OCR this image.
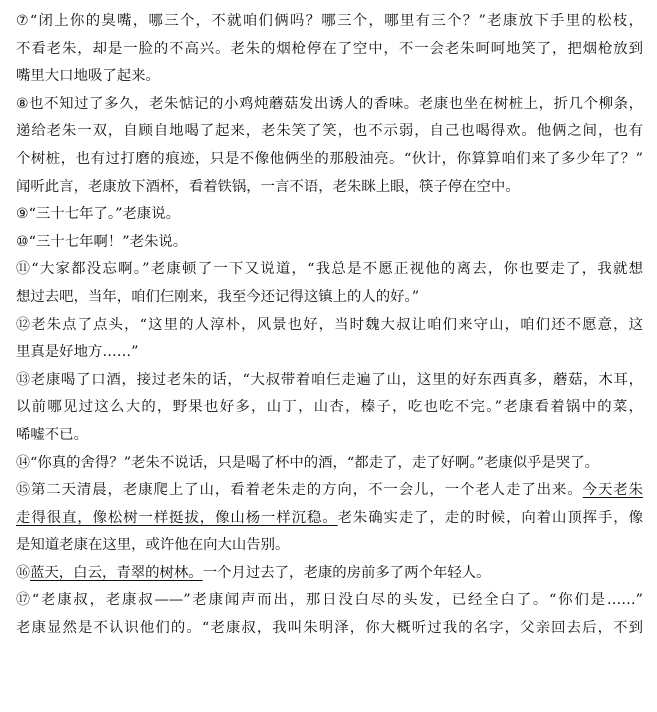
⑦“闭上你的臭嘴，哪三个，不就咱们俩吗？哪三个，哪里有三个？”老康放下手里的松枝，
不看老朱，却是一脸的不高兴。老朱的烟枪停在了空中，不一会老朱呵呵地笑了，把烟枪放到
嘴里大口地吸了起来。
⑧也不知过了多久，老朱惦记的小鸡炖蘑菇发出诱人的香味。老康也坐在树桩上，折几个柳条，
递给老朱一双，自顾自地喝了起来，老朱笑了笑，也不示弱，自己也喝得欢。他俩之间，也有
个树桩，也有过打磨的痕迹，只是不像他俩坐的那般油亮。“伙计，你算算咱们来了多少年了？”
闻听此言，老康放下酒杯，看着铁锅，一言不语，老朱眯上眼，筷子停在空中。
⑨“三十七年了。”老康说。
⑩“三十七年啊！”老朱说。
⑪“大家都没忘啊。”老康顿了一下又说道，“我总是不愿正视他的离去，你也要走了，我就想
想过去吧，当年，咱们仨刚来，我至今还记得这镇上的人的好。”
⑫老朱点了点头，“这里的人淳朴，风景也好，当时魏大叔让咱们来守山，咱们还不愿意，这
里真是好地方……”
⑬老康喝了口酒，接过老朱的话，“大叔带着咱仨走遍了山，这里的好东西真多，蘑菇，木耳，
以前哪见过这么大的，野果也好多，山丁，山杏，榛子，吃也吃不完。”老康看着锅中的菜，
唏嘘不已。
⑭“你真的舍得？”老朱不说话，只是喝了杯中的酒，“都走了，走了好啊。”老康似乎是哭了。
⑮第二天清晨，老康爬上了山，看着老朱走的方向，不一会儿，一个老人走了出来。今天老朱
走得很直，像松树一样挺拔，像山杨一样沉稳。老朱确实走了，走的时候，向着山顶挥手，像
是知道老康在这里，或许他在向大山告别。
⑯蓝天，白云，青翠的树林。一个月过去了，老康的房前多了两个年轻人。
⑰“老康叔，老康叔——”老康闻声而出，那日没白尽的头发，已经全白了。“你们是……”
老康显然是不认识他们的。“老康叔，我叫朱明泽，你大概听过我的名字，父亲回去后，不到
